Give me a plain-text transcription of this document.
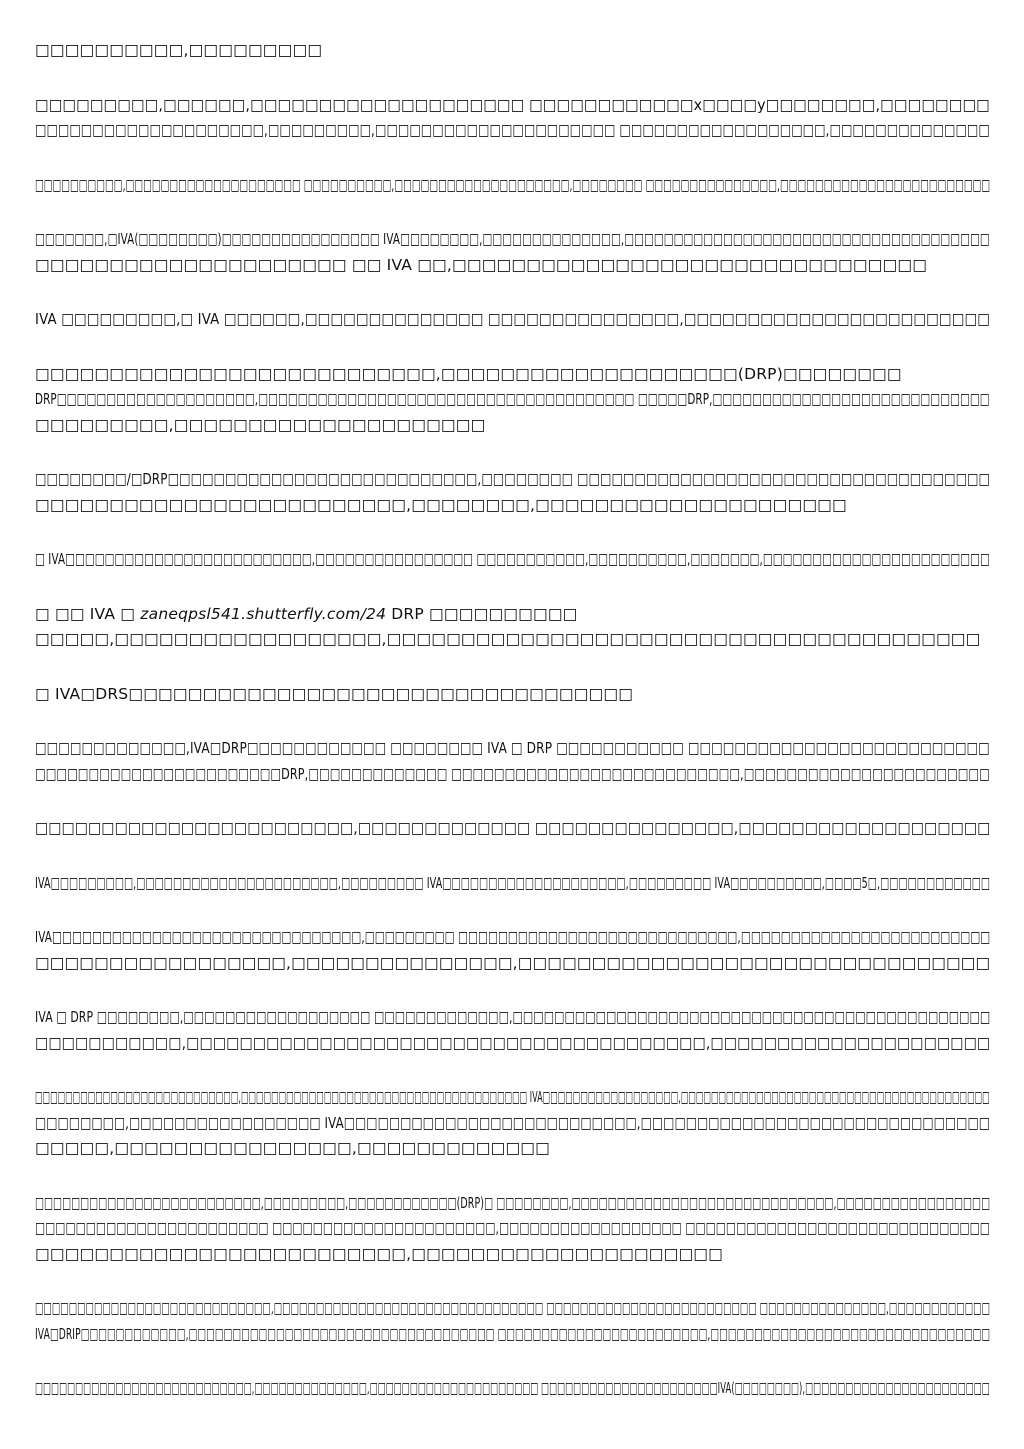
□□□□□□□□□□,□□□□□□□□□

□□□□□□□□□,□□□□□□,□□□□□□□□□□□□□□□□□□□□ □□□□□□□□□□□□x□□□□y□□□□□□□□,□□□□□□□□
□□□□□□□□□□□□□□□□□□□□,□□□□□□□□□,□□□□□□□□□□□□□□□□□□□□□ □□□□□□□□□□□□□□□□□□,□□□□□□□□□□□□□□

□□□□□□□□□□,□□□□□□□□□□□□□□□□□□□□ □□□□□□□□□□,□□□□□□□□□□□□□□□□□□□□,□□□□□□□□ □□□□□□□□□□□□□□□,□□□□□□□□□□□□□□□□□□□□□□□□

□□□□□□□,□IVA(□□□□□□□□)□□□□□□□□□□□□□□□□ IVA□□□□□□□□,□□□□□□□□□□□□□□,□□□□□□□□□□□□□□□□□□□□□□□□□□□□□□□□□□□□□
□□□□□□□□□□□□□□□□□□□□□ □□ IVA □□,□□□□□□□□□□□□□□□□□□□□□□□□□□□□□□□□

IVA □□□□□□□□□,□ IVA □□□□□□,□□□□□□□□□□□□□□ □□□□□□□□□□□□□□□,□□□□□□□□□□□□□□□□□□□□□□□□

□□□□□□□□□□□□□□□□□□□□□□□□□□□,□□□□□□□□□□□□□□□□□□□□(DRP)□□□□□□□□
DRP□□□□□□□□□□□□□□□□□□□□,□□□□□□□□□□□□□□□□□□□□□□□□□□□□□□□□□□□□□□ □□□□□DRP,□□□□□□□□□□□□□□□□□□□□□□□□□□□□
□□□□□□□□□,□□□□□□□□□□□□□□□□□□□□□

□□□□□□□□/□DRP□□□□□□□□□□□□□□□□□□□□□□□□□□□,□□□□□□□□ □□□□□□□□□□□□□□□□□□□□□□□□□□□□□□□□□□□□
□□□□□□□□□□□□□□□□□□□□□□□□□,□□□□□□□□,□□□□□□□□□□□□□□□□□□□□□

□ IVA□□□□□□□□□□□□□□□□□□□□□□□□□,□□□□□□□□□□□□□□□□ □□□□□□□□□□□,□□□□□□□□□□,□□□□□□□,□□□□□□□□□□□□□□□□□□□□□□□

□ □□ IVA □ zaneqpsl541.shutterfly.com/24 DRP □□□□□□□□□□
□□□□□,□□□□□□□□□□□□□□□□□□,□□□□□□□□□□□□□□□□□□□□□□□□□□□□□□□□□□□□□□□□

□ IVA□DRS□□□□□□□□□□□□□□□□□□□□□□□□□□□□□□□□□□

□□□□□□□□□□□□□,IVA□DRP□□□□□□□□□□□□ □□□□□□□□ IVA □ DRP □□□□□□□□□□□ □□□□□□□□□□□□□□□□□□□□□□□□□□
□□□□□□□□□□□□□□□□□□□□□□□DRP,□□□□□□□□□□□□□ □□□□□□□□□□□□□□□□□□□□□□□□□□□,□□□□□□□□□□□□□□□□□□□□□□□

□□□□□□□□□□□□□□□□□□□□□□□□,□□□□□□□□□□□□□ □□□□□□□□□□□□□□□,□□□□□□□□□□□□□□□□□□□

IVA□□□□□□□□□,□□□□□□□□□□□□□□□□□□□□□□,□□□□□□□□□ IVA□□□□□□□□□□□□□□□□□□□□,□□□□□□□□□ IVA□□□□□□□□□□,□□□□5□,□□□□□□□□□□□□

IVA□□□□□□□□□□□□□□□□□□□□□□□□□□□□□□□,□□□□□□□□□ □□□□□□□□□□□□□□□□□□□□□□□□□□□□,□□□□□□□□□□□□□□□□□□□□□□□□□
□□□□□□□□□□□□□□□□□,□□□□□□□□□□□□□□□,□□□□□□□□□□□□□□□□□□□□□□□□□□□□□□□□

IVA □ DRP □□□□□□□□,□□□□□□□□□□□□□□□□□□ □□□□□□□□□□□□□,□□□□□□□□□□□□□□□□□□□□□□□□□□□□□□□□□□□□□□□□□□□□□□
□□□□□□□□□□□,□□□□□□□□□□□□□□□□□□□□□□□□□□□□□□□□□□□□□□□,□□□□□□□□□□□□□□□□□□□□□

□□□□□□□□□□□□□□□□□□□□□□□□□□□,□□□□□□□□□□□□□□□□□□□□□□□□□□□□□□□□□□□□□□ IVA□□□□□□□□□□□□□□□□□□,□□□□□□□□□□□□□□□□□□□□□□□□□□□□□□□□□□□□□□□□□
□□□□□□□□,□□□□□□□□□□□□□□□□□ IVA□□□□□□□□□□□□□□□□□□□□□□□□□□,□□□□□□□□□□□□□□□□□□□□□□□□□□□□□□□
□□□□□,□□□□□□□□□□□□□□□□,□□□□□□□□□□□□□

□□□□□□□□□□□□□□□□□□□□□□□□□,□□□□□□□□□,□□□□□□□□□□□□(DRP)□ □□□□□□□□,□□□□□□□□□□□□□□□□□□□□□□□□□□□□□,□□□□□□□□□□□□□□□□□
□□□□□□□□□□□□□□□□□□□□□□□ □□□□□□□□□□□□□□□□□□□□□□,□□□□□□□□□□□□□□□□□□ □□□□□□□□□□□□□□□□□□□□□□□□□□□□□□
□□□□□□□□□□□□□□□□□□□□□□□□□,□□□□□□□□□□□□□□□□□□□□□

□□□□□□□□□□□□□□□□□□□□□□□□□□□□,□□□□□□□□□□□□□□□□□□□□□□□□□□□□□□□□ □□□□□□□□□□□□□□□□□□□□□□□□□ □□□□□□□□□□□□□□□,□□□□□□□□□□□□
IVA□DRIP□□□□□□□□□□□□,□□□□□□□□□□□□□□□□□□□□□□□□□□□□□□□□□□□ □□□□□□□□□□□□□□□□□□□□□□□□,□□□□□□□□□□□□□□□□□□□□□□□□□□□□□□□□

□□□□□□□□□□□□□□□□□□□□□□□□□□□,□□□□□□□□□□□□□□,□□□□□□□□□□□□□□□□□□□□□ □□□□□□□□□□□□□□□□□□□□□□IVA(□□□□□□□□),□□□□□□□□□□□□□□□□□□□□□□□
